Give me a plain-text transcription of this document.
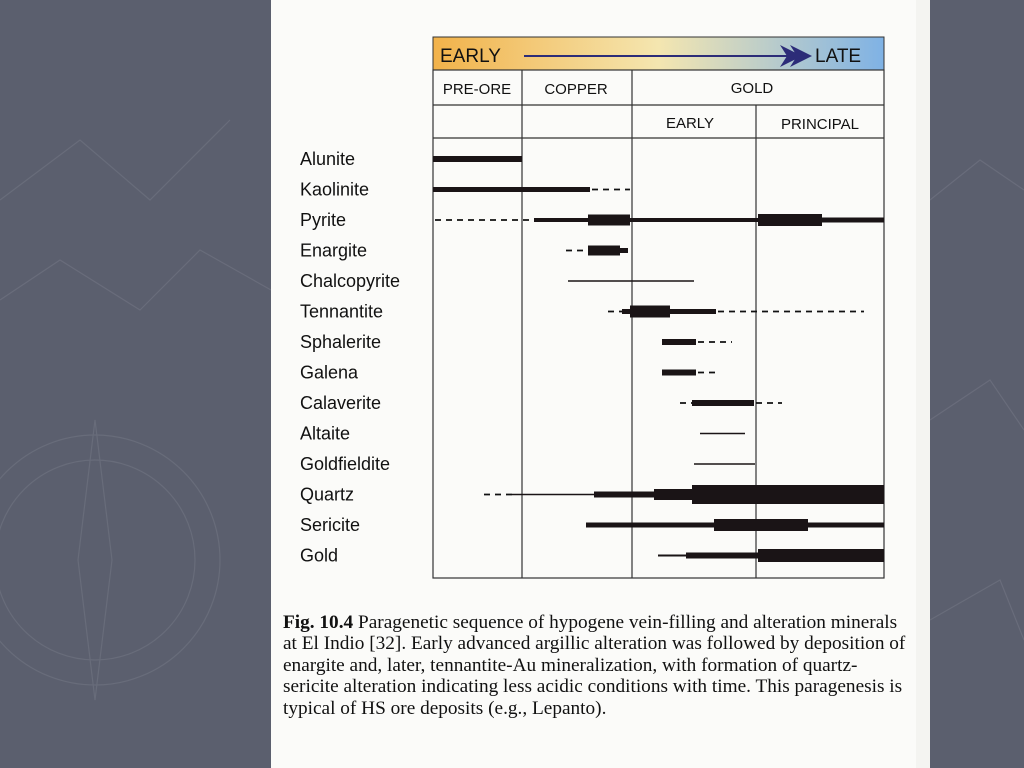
EARLY	LATE
PRE-ORE COPPER	GOLD
EARLY	PRINCIPAL
Alunite
Kaolinite
Pyrite
Enargite
Chalcopyrite
Tennantite
Sphalerite
Galena
Calaverite
Altaite
Goldfieldite
Quartz
Sericite
Gold
Fig. 10.4 Paragenetic sequence of hypogene vein-filling and alteration minerals at El Indio [32]. Early advanced argillic alteration was followed by deposition of enargite and, later, tennantite-Au mineralization, with formation of quartz-sericite alteration indicating less acidic conditions with time. This paragenesis is typical of HS ore deposits (e.g., Lepanto).
